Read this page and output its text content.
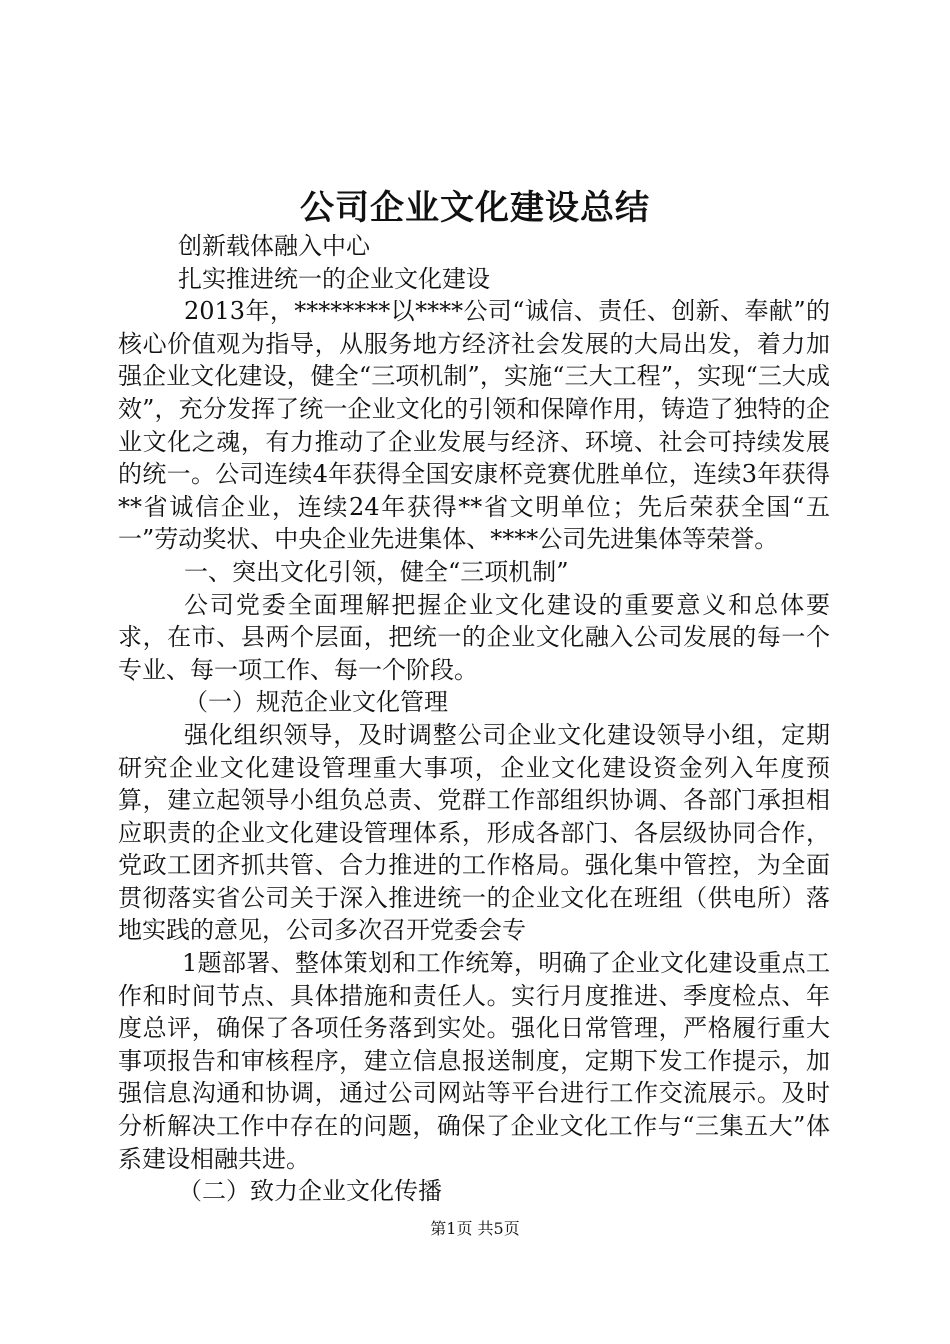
公司企业文化建设总结

创新载体融入中心

扎实推进统一的企业文化建设

2013年，********以****公司“诚信、责任、创新、奉献”的核心价值观为指导，从服务地方经济社会发展的大局出发，着力加强企业文化建设，健全“三项机制”，实施“三大工程”，实现“三大成效”，充分发挥了统一企业文化的引领和保障作用，铸造了独特的企业文化之魂，有力推动了企业发展与经济、环境、社会可持续发展的统一。公司连续4年获得全国安康杯竞赛优胜单位，连续3年获得**省诚信企业，连续24年获得**省文明单位；先后荣获全国“五一”劳动奖状、中央企业先进集体、****公司先进集体等荣誉。

一、突出文化引领，健全“三项机制”

公司党委全面理解把握企业文化建设的重要意义和总体要求，在市、县两个层面，把统一的企业文化融入公司发展的每一个专业、每一项工作、每一个阶段。

（一）规范企业文化管理

强化组织领导，及时调整公司企业文化建设领导小组，定期研究企业文化建设管理重大事项，企业文化建设资金列入年度预算，建立起领导小组负总责、党群工作部组织协调、各部门承担相应职责的企业文化建设管理体系，形成各部门、各层级协同合作，党政工团齐抓共管、合力推进的工作格局。强化集中管控，为全面贯彻落实省公司关于深入推进统一的企业文化在班组（供电所）落地实践的意见，公司多次召开党委会专

1题部署、整体策划和工作统筹，明确了企业文化建设重点工作和时间节点、具体措施和责任人。实行月度推进、季度检点、年度总评，确保了各项任务落到实处。强化日常管理，严格履行重大事项报告和审核程序，建立信息报送制度，定期下发工作提示，加强信息沟通和协调，通过公司网站等平台进行工作交流展示。及时分析解决工作中存在的问题，确保了企业文化工作与“三集五大”体系建设相融共进。

（二）致力企业文化传播

第1页 共5页
